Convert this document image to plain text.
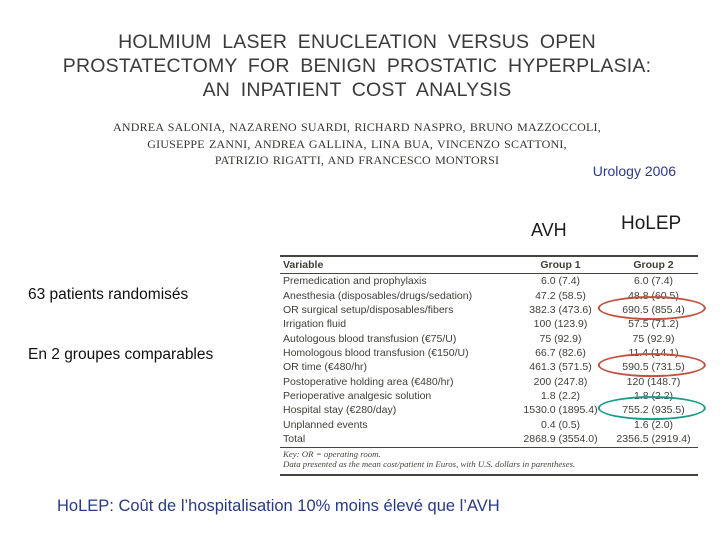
HOLMIUM LASER ENUCLEATION VERSUS OPEN
PROSTATECTOMY FOR BENIGN PROSTATIC HYPERPLASIA:
AN INPATIENT COST ANALYSIS
ANDREA SALONIA, NAZARENO SUARDI, RICHARD NASPRO, BRUNO MAZZOCCOLI,
GIUSEPPE ZANNI, ANDREA GALLINA, LINA BUA, VINCENZO SCATTONI,
PATRIZIO RIGATTI, AND FRANCESCO MONTORSI
Urology 2006
AVH	HoLEP
63 patients randomisés
En 2 groupes comparables
Variable	Group 1	Group 2
Premedication and prophylaxis	6.0 (7.4)	6.0 (7.4)
Anesthesia (disposables/drugs/sedation)	47.2 (58.5)	48.8 (60.5)
OR surgical setup/disposables/fibers	382.3 (473.6)	690.5 (855.4)
Irrigation fluid	100 (123.9)	57.5 (71.2)
Autologous blood transfusion (€75/U)	75 (92.9)	75 (92.9)
Homologous blood transfusion (€150/U)	66.7 (82.6)	11.4 (14.1)
OR time (€480/hr)	461.3 (571.5)	590.5 (731.5)
Postoperative holding area (€480/hr)	200 (247.8)	120 (148.7)
Perioperative analgesic solution	1.8 (2.2)	1.8 (2.2)
Hospital stay (€280/day)	1530.0 (1895.4)	755.2 (935.5)
Unplanned events	0.4 (0.5)	1.6 (2.0)
Total	2868.9 (3554.0)	2356.5 (2919.4)
Key: OR = operating room.
Data presented as the mean cost/patient in Euros, with U.S. dollars in parentheses.
HoLEP: Coût de l’hospitalisation 10% moins élevé que l’AVH
